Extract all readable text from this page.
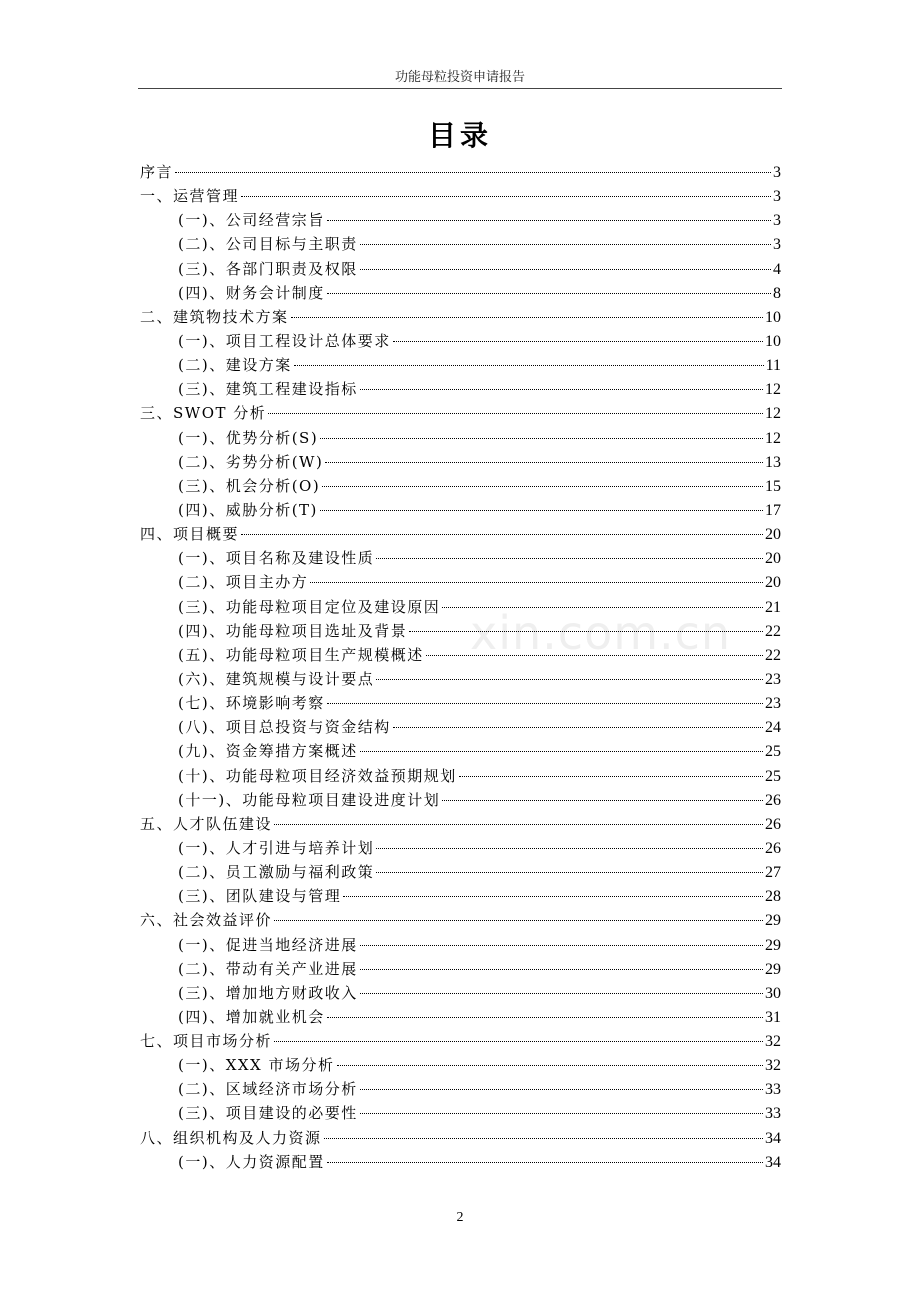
功能母粒投资申请报告
目录
xin.com.cn
序言	3
一、运营管理	3
(一)、公司经营宗旨	3
(二)、公司目标与主职责	3
(三)、各部门职责及权限	4
(四)、财务会计制度	8
二、建筑物技术方案	10
(一)、项目工程设计总体要求	10
(二)、建设方案	11
(三)、建筑工程建设指标	12
三、SWOT 分析	12
(一)、优势分析(S)	12
(二)、劣势分析(W)	13
(三)、机会分析(O)	15
(四)、威胁分析(T)	17
四、项目概要	20
(一)、项目名称及建设性质	20
(二)、项目主办方	20
(三)、功能母粒项目定位及建设原因	21
(四)、功能母粒项目选址及背景	22
(五)、功能母粒项目生产规模概述	22
(六)、建筑规模与设计要点	23
(七)、环境影响考察	23
(八)、项目总投资与资金结构	24
(九)、资金筹措方案概述	25
(十)、功能母粒项目经济效益预期规划	25
(十一)、功能母粒项目建设进度计划	26
五、人才队伍建设	26
(一)、人才引进与培养计划	26
(二)、员工激励与福利政策	27
(三)、团队建设与管理	28
六、社会效益评价	29
(一)、促进当地经济进展	29
(二)、带动有关产业进展	29
(三)、增加地方财政收入	30
(四)、增加就业机会	31
七、项目市场分析	32
(一)、XXX 市场分析	32
(二)、区域经济市场分析	33
(三)、项目建设的必要性	33
八、组织机构及人力资源	34
(一)、人力资源配置	34
2
